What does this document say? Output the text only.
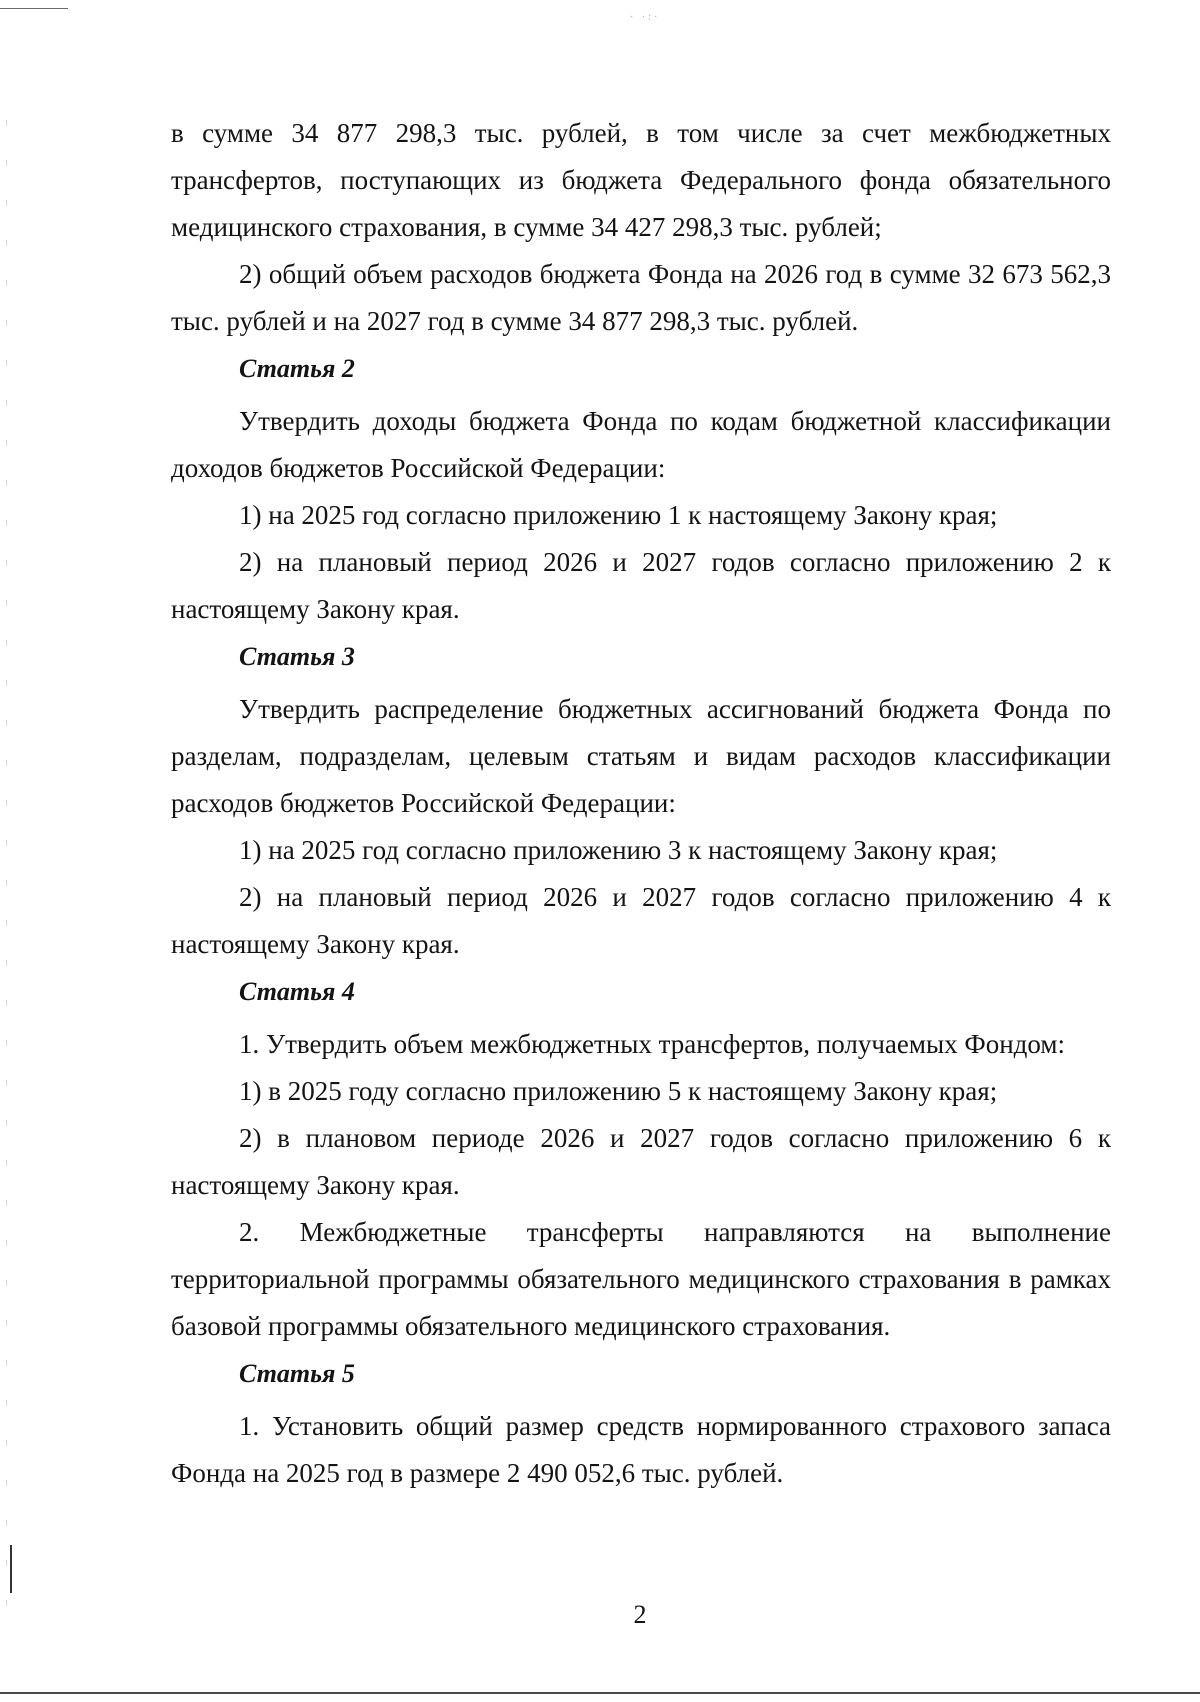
· ·:·

в сумме 34 877 298,3 тыс. рублей, в том числе за счет межбюджетных трансфертов, поступающих из бюджета Федерального фонда обязательного медицинского страхования, в сумме 34 427 298,3 тыс. рублей;

2) общий объем расходов бюджета Фонда на 2026 год в сумме 32 673 562,3 тыс. рублей и на 2027 год в сумме 34 877 298,3 тыс. рублей.

Статья 2

Утвердить доходы бюджета Фонда по кодам бюджетной классификации доходов бюджетов Российской Федерации:

1) на 2025 год согласно приложению 1 к настоящему Закону края;

2) на плановый период 2026 и 2027 годов согласно приложению 2 к настоящему Закону края.

Статья 3

Утвердить распределение бюджетных ассигнований бюджета Фонда по разделам, подразделам, целевым статьям и видам расходов классификации расходов бюджетов Российской Федерации:

1) на 2025 год согласно приложению 3 к настоящему Закону края;

2) на плановый период 2026 и 2027 годов согласно приложению 4 к настоящему Закону края.

Статья 4

1. Утвердить объем межбюджетных трансфертов, получаемых Фондом:

1) в 2025 году согласно приложению 5 к настоящему Закону края;

2) в плановом периоде 2026 и 2027 годов согласно приложению 6 к настоящему Закону края.

2. Межбюджетные трансферты направляются на выполнение территориальной программы обязательного медицинского страхования в рамках базовой программы обязательного медицинского страхования.

Статья 5

1. Установить общий размер средств нормированного страхового запаса Фонда на 2025 год в размере 2 490 052,6 тыс. рублей.

2
